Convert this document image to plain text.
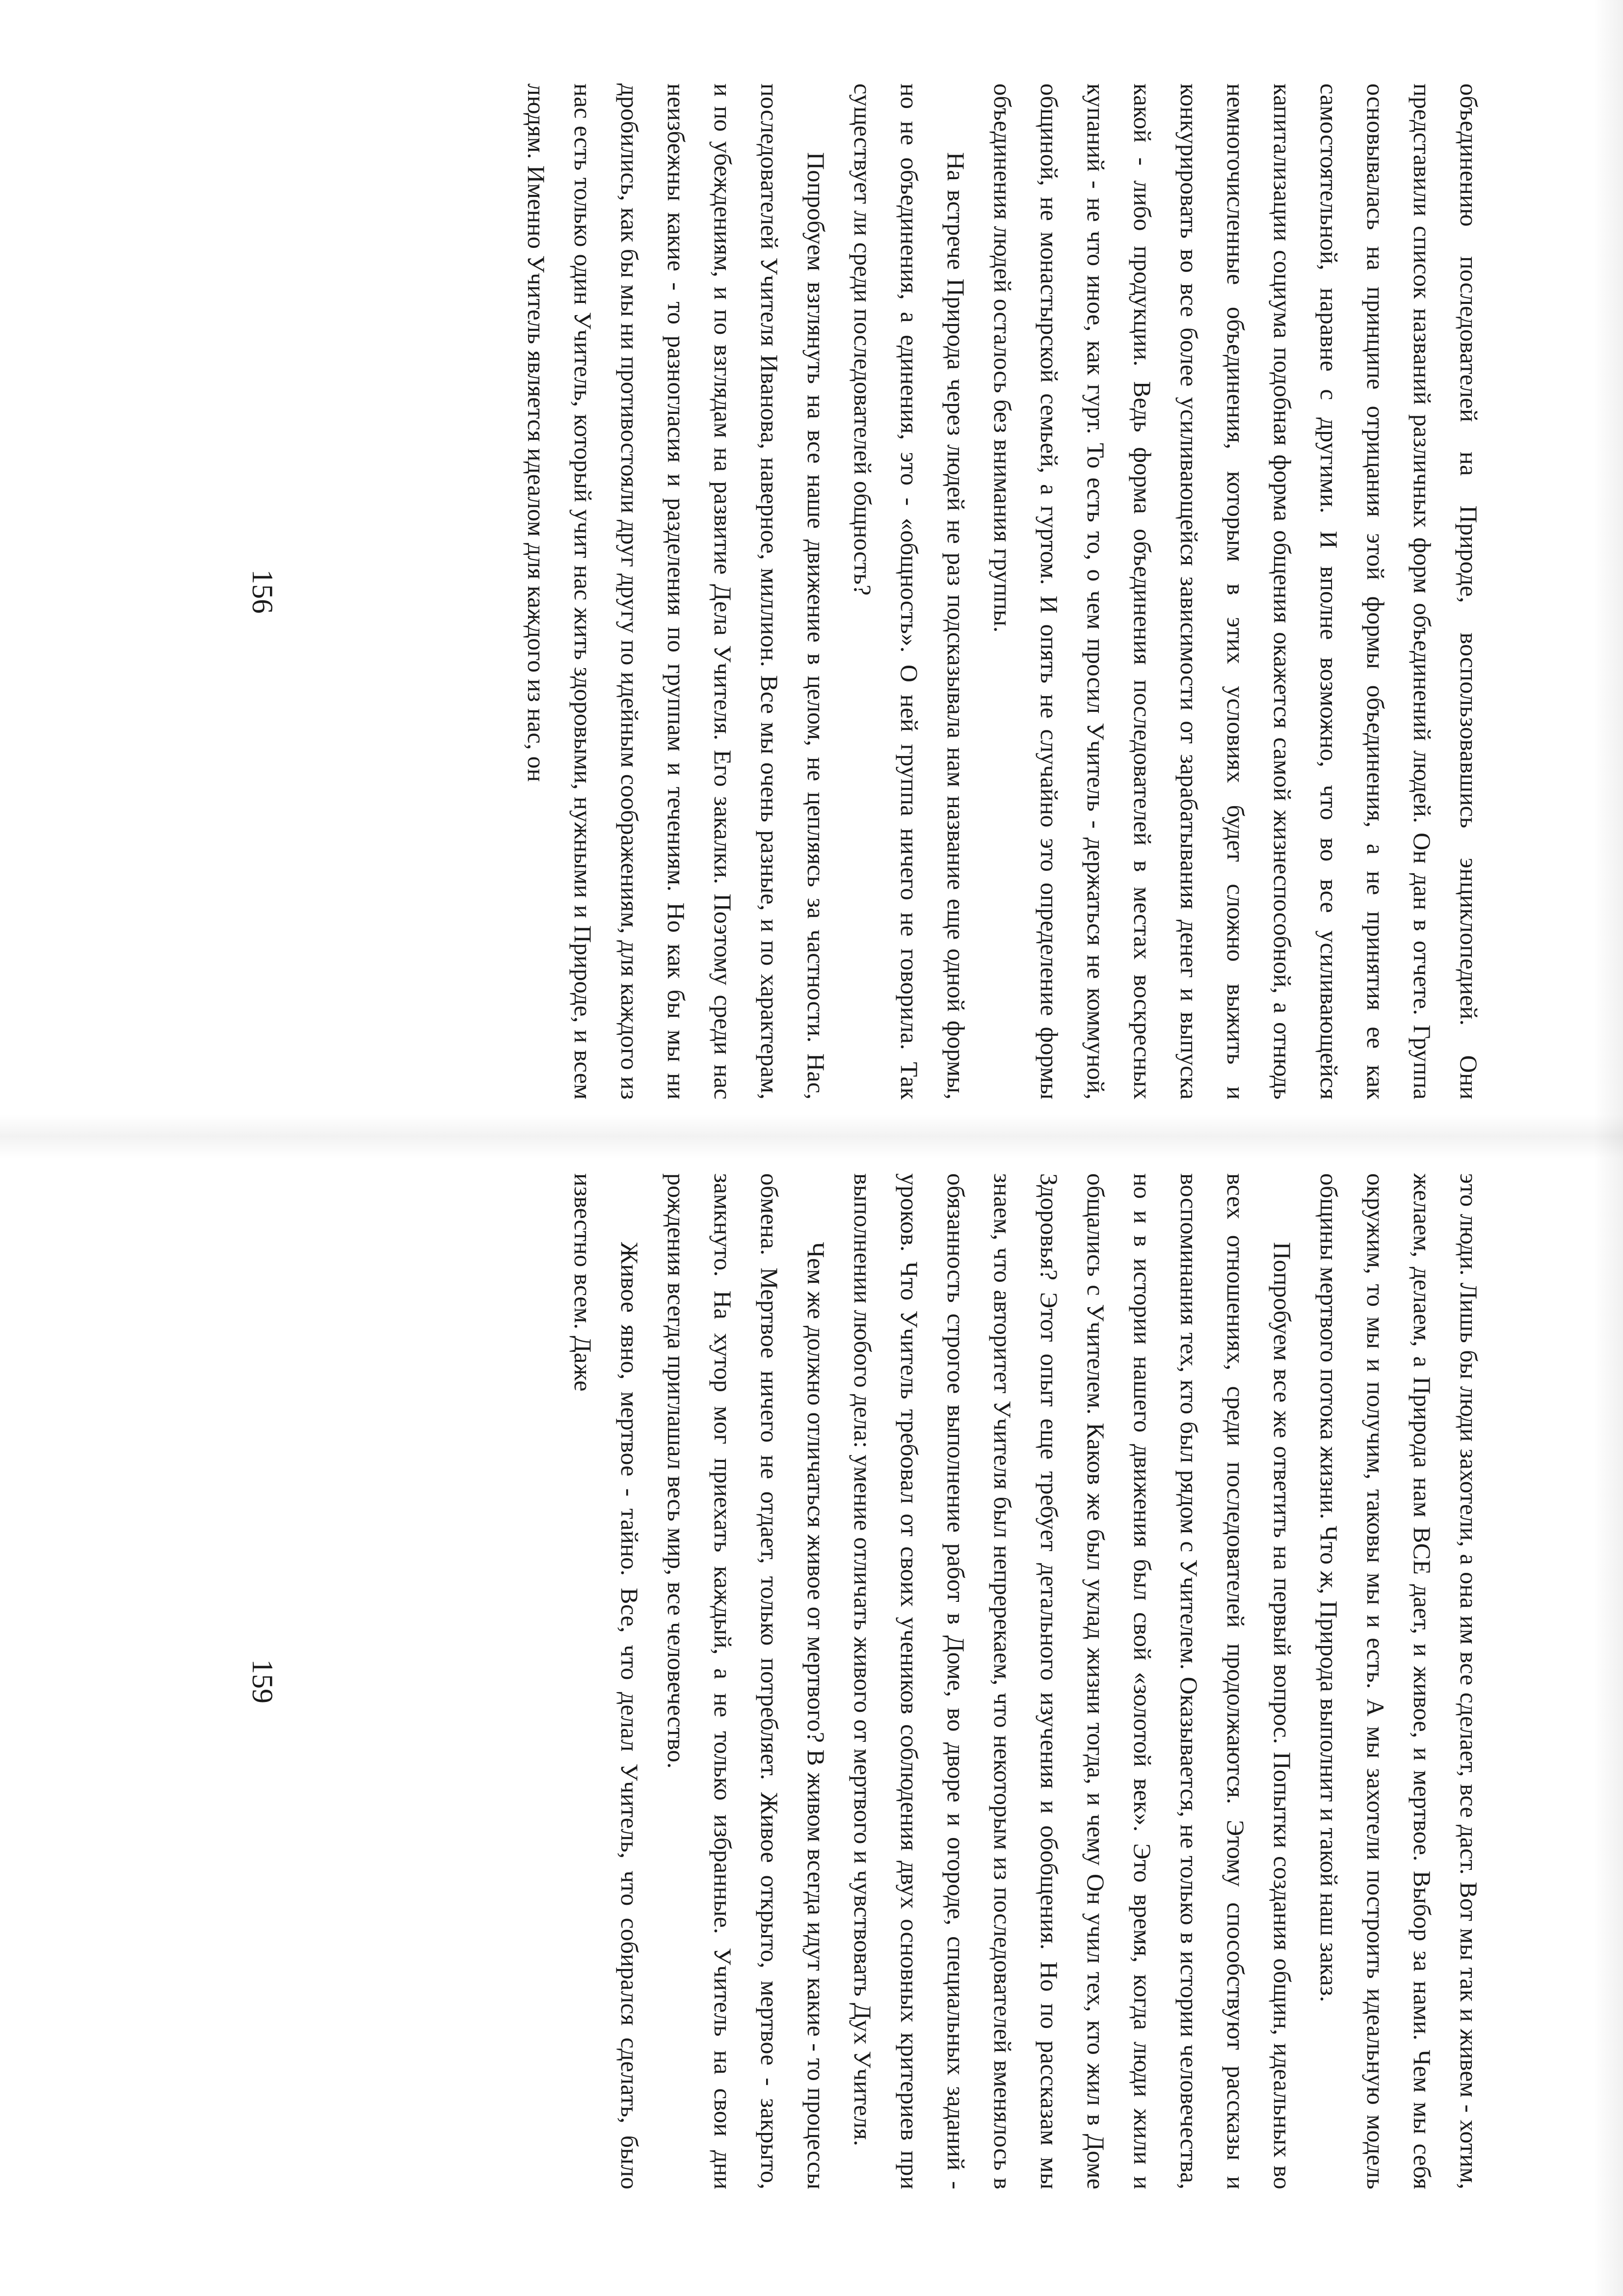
объединению последователей на Природе, воспользовавшись энциклопедией. Они представили список названий различных форм объединений людей. Он дан в отчете. Группа основывалась на принципе отрицания этой формы объединения, а не принятия ее как самостоятельной, наравне с другими. И вполне возможно, что во все усиливающейся капитализации социума подобная форма общения окажется самой жизнеспособной, а отнюдь немногочисленные объединения, которым в этих условиях будет сложно выжить и конкурировать во все более усиливающейся зависимости от зарабатывания денег и выпуска какой - либо продукции. Ведь форма объединения последователей в местах воскресных купаний - не что иное, как гурт. То есть то, о чем просил Учитель - держаться не коммуной, общиной, не монастырской семьей, а гуртом. И опять не случайно это определение формы объединения людей осталось без внимания группы.

На встрече Природа через людей не раз подсказывала нам название еще одной формы, но не объединения, а единения, это - «общность». О ней группа ничего не говорила. Так существует ли среди последователей общность?

Попробуем взглянуть на все наше движение в целом, не цепляясь за частности. Нас, последователей Учителя Иванова, наверное, миллион. Все мы очень разные, и по характерам, и по убеждениям, и по взглядам на развитие Дела Учителя. Его закалки. Поэтому среди нас неизбежны какие - то разногласия и разделения по группам и течениям. Но как бы мы ни дробились, как бы мы ни противостояли друг другу по идейным соображениям, для каждого из нас есть только один Учитель, который учит нас жить здоровыми, нужными и Природе, и всем людям. Именно Учитель является идеалом для каждого из нас, он

156

это люди. Лишь бы люди захотели, а она им все сделает, все даст. Вот мы так и живем - хотим, желаем, делаем, а Природа нам ВСЕ дает, и живое, и мертвое. Выбор за нами. Чем мы себя окружим, то мы и получим, таковы мы и есть. А мы захотели построить идеальную модель общины мертвого потока жизни. Что ж, Природа выполнит и такой наш заказ.

Попробуем все же ответить на первый вопрос. Попытки создания общин, идеальных во всех отношениях, среди последователей продолжаются. Этому способствуют рассказы и воспоминания тех, кто был рядом с Учителем. Оказывается, не только в истории человечества, но и в истории нашего движения был свой «золотой век». Это время, когда люди жили и общались с Учителем. Каков же был уклад жизни тогда, и чему Он учил тех, кто жил в Доме Здоровья? Этот опыт еще требует детального изучения и обобщения. Но по рассказам мы знаем, что авторитет Учителя был непререкаем, что некоторым из последователей вменялось в обязанность строгое выполнение работ в Доме, во дворе и огороде, специальных заданий - уроков. Что Учитель требовал от своих учеников соблюдения двух основных критериев при выполнении любого дела: умение отличать живого от мертвого и чувствовать Дух Учителя.

Чем же должно отличаться живое от мертвого? В живом всегда идут какие - то процессы обмена. Мертвое ничего не отдает, только потребляет. Живое открыто, мертвое - закрыто, замкнуто. На хутор мог приехать каждый, а не только избранные. Учитель на свои дни рождения всегда приглашал весь мир, все человечество.

Живое явно, мертвое - тайно. Все, что делал Учитель, что собирался сделать, было известно всем. Даже

159
